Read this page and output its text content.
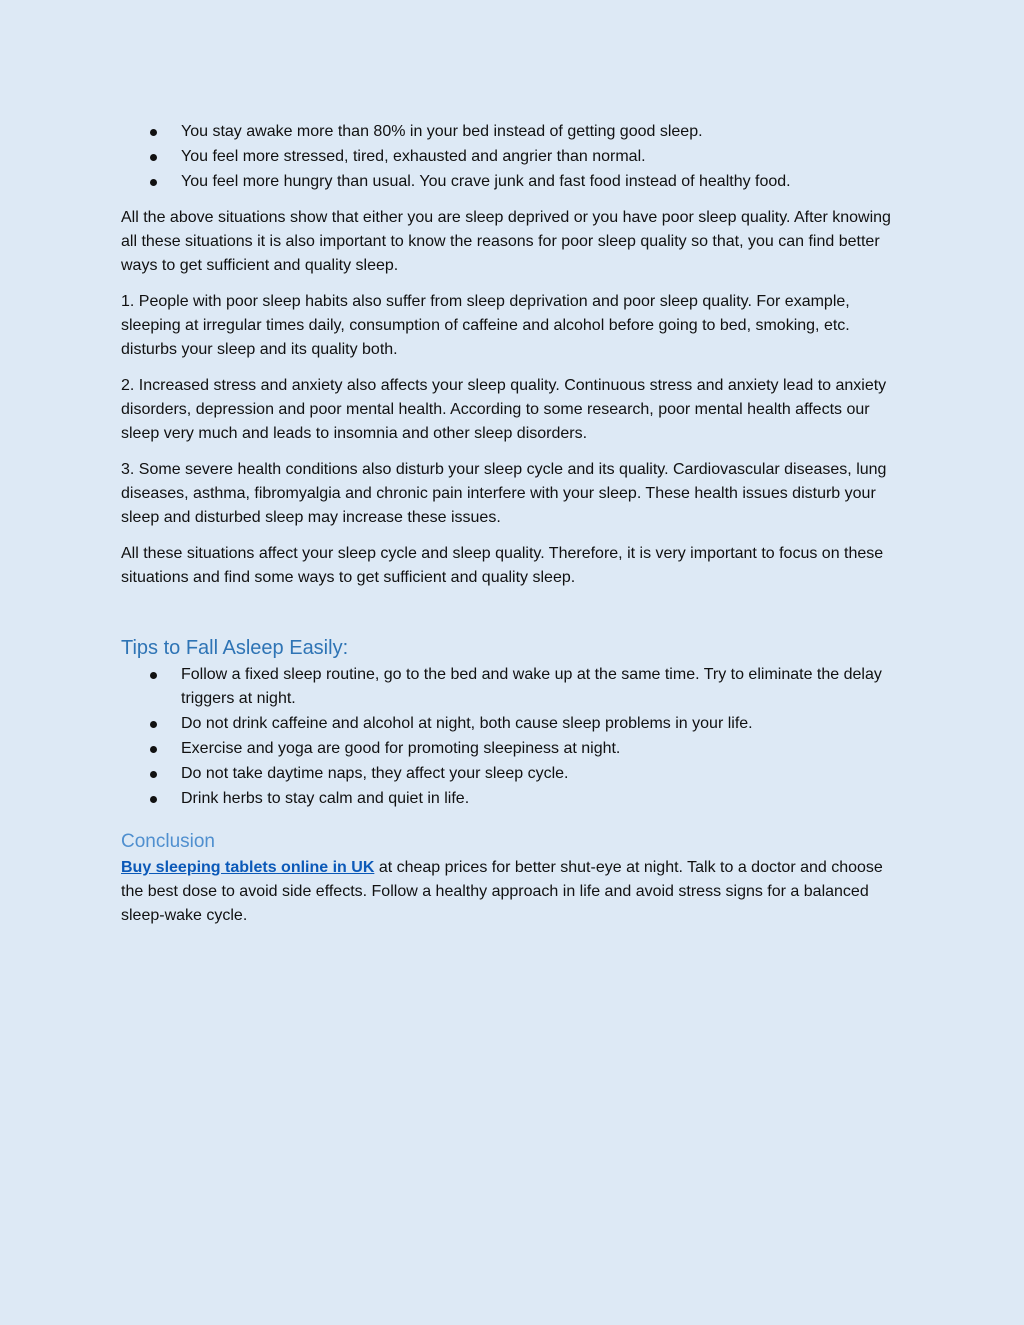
You stay awake more than 80% in your bed instead of getting good sleep.
You feel more stressed, tired, exhausted and angrier than normal.
You feel more hungry than usual. You crave junk and fast food instead of healthy food.

All the above situations show that either you are sleep deprived or you have poor sleep quality. After knowing all these situations it is also important to know the reasons for poor sleep quality so that, you can find better ways to get sufficient and quality sleep.

1. People with poor sleep habits also suffer from sleep deprivation and poor sleep quality. For example, sleeping at irregular times daily, consumption of caffeine and alcohol before going to bed, smoking, etc. disturbs your sleep and its quality both.

2. Increased stress and anxiety also affects your sleep quality. Continuous stress and anxiety lead to anxiety disorders, depression and poor mental health. According to some research, poor mental health affects our sleep very much and leads to insomnia and other sleep disorders.

3. Some severe health conditions also disturb your sleep cycle and its quality. Cardiovascular diseases, lung diseases, asthma, fibromyalgia and chronic pain interfere with your sleep. These health issues disturb your sleep and disturbed sleep may increase these issues.

All these situations affect your sleep cycle and sleep quality. Therefore, it is very important to focus on these situations and find some ways to get sufficient and quality sleep.

Tips to Fall Asleep Easily:
Follow a fixed sleep routine, go to the bed and wake up at the same time. Try to eliminate the delay triggers at night.
Do not drink caffeine and alcohol at night, both cause sleep problems in your life.
Exercise and yoga are good for promoting sleepiness at night.
Do not take daytime naps, they affect your sleep cycle.
Drink herbs to stay calm and quiet in life.
Conclusion

Buy sleeping tablets online in UK at cheap prices for better shut-eye at night. Talk to a doctor and choose the best dose to avoid side effects. Follow a healthy approach in life and avoid stress signs for a balanced sleep-wake cycle.
